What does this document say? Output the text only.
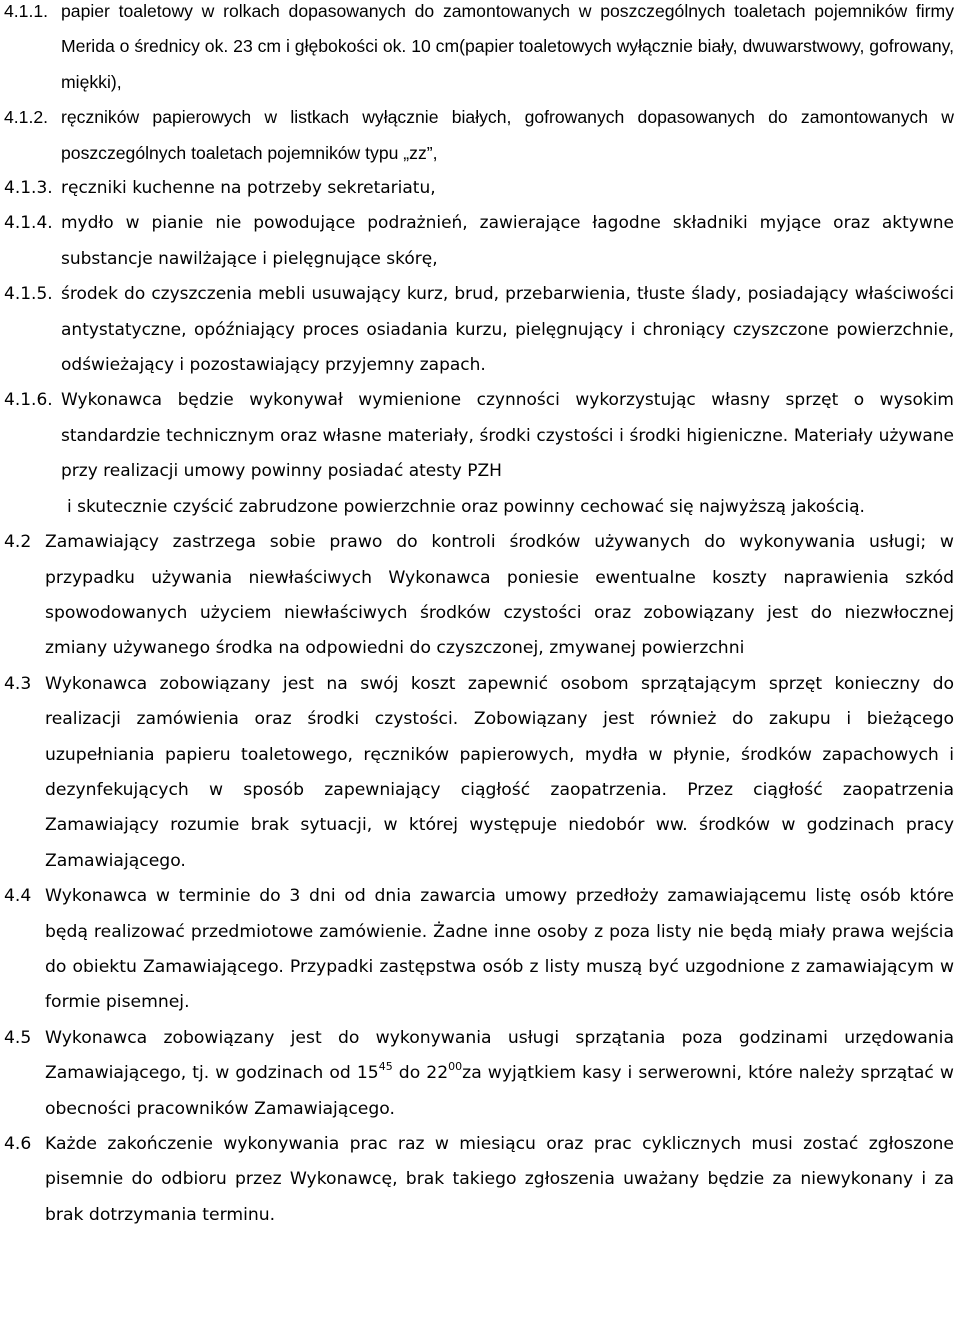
4.1.1. papier toaletowy w rolkach dopasowanych do zamontowanych w poszczególnych toaletach pojemników firmy Merida o średnicy ok. 23 cm i głębokości ok. 10 cm(papier toaletowych wyłącznie biały, dwuwarstwowy, gofrowany, miękki),
4.1.2. ręczników papierowych w listkach wyłącznie białych, gofrowanych dopasowanych do zamontowanych w poszczególnych toaletach pojemników typu „zz”,
4.1.3. ręczniki kuchenne na potrzeby sekretariatu,
4.1.4. mydło w pianie nie powodujące podrażnień, zawierające łagodne składniki myjące oraz aktywne substancje nawilżające i pielęgnujące skórę,
4.1.5. środek do czyszczenia mebli usuwający kurz, brud, przebarwienia, tłuste ślady, posiadający właściwości antystatyczne, opóźniający proces osiadania kurzu, pielęgnujący i chroniący czyszczone powierzchnie, odświeżający i pozostawiający przyjemny zapach.
4.1.6. Wykonawca będzie wykonywał wymienione czynności wykorzystując własny sprzęt o wysokim standardzie technicznym oraz własne materiały, środki czystości i środki higieniczne. Materiały używane przy realizacji umowy powinny posiadać atesty PZH
i skutecznie czyścić zabrudzone powierzchnie oraz powinny cechować się najwyższą jakością.
4.2 Zamawiający zastrzega sobie prawo do kontroli środków używanych do wykonywania usługi; w przypadku używania niewłaściwych Wykonawca poniesie ewentualne koszty naprawienia szkód spowodowanych użyciem niewłaściwych środków czystości oraz zobowiązany jest do niezwłocznej zmiany używanego środka na odpowiedni do czyszczonej, zmywanej powierzchni
4.3 Wykonawca zobowiązany jest na swój koszt zapewnić osobom sprzątającym sprzęt konieczny do realizacji zamówienia oraz środki czystości. Zobowiązany jest również do zakupu i bieżącego uzupełniania papieru toaletowego, ręczników papierowych, mydła w płynie, środków zapachowych i dezynfekujących w sposób zapewniający ciągłość zaopatrzenia. Przez ciągłość zaopatrzenia Zamawiający rozumie brak sytuacji, w której występuje niedobór ww. środków w godzinach pracy Zamawiającego.
4.4 Wykonawca w terminie do 3 dni od dnia zawarcia umowy przedłoży zamawiającemu listę osób które będą realizować przedmiotowe zamówienie. Żadne inne osoby z poza listy nie będą miały prawa wejścia do obiektu Zamawiającego. Przypadki zastępstwa osób z listy muszą być uzgodnione z zamawiającym w formie pisemnej.
4.5 Wykonawca zobowiązany jest do wykonywania usługi sprzątania poza godzinami urzędowania Zamawiającego, tj. w godzinach od $15^{45}$ do $22^{00}za$ wyjątkiem kasy i serwerowni, które należy sprzątać w obecności pracowników Zamawiającego.
4.6 Każde zakończenie wykonywania prac raz w miesiącu oraz prac cyklicznych musi zostać zgłoszone pisemnie do odbioru przez Wykonawcę, brak takiego zgłoszenia uważany będzie za niewykonany i za brak dotrzymania terminu.
